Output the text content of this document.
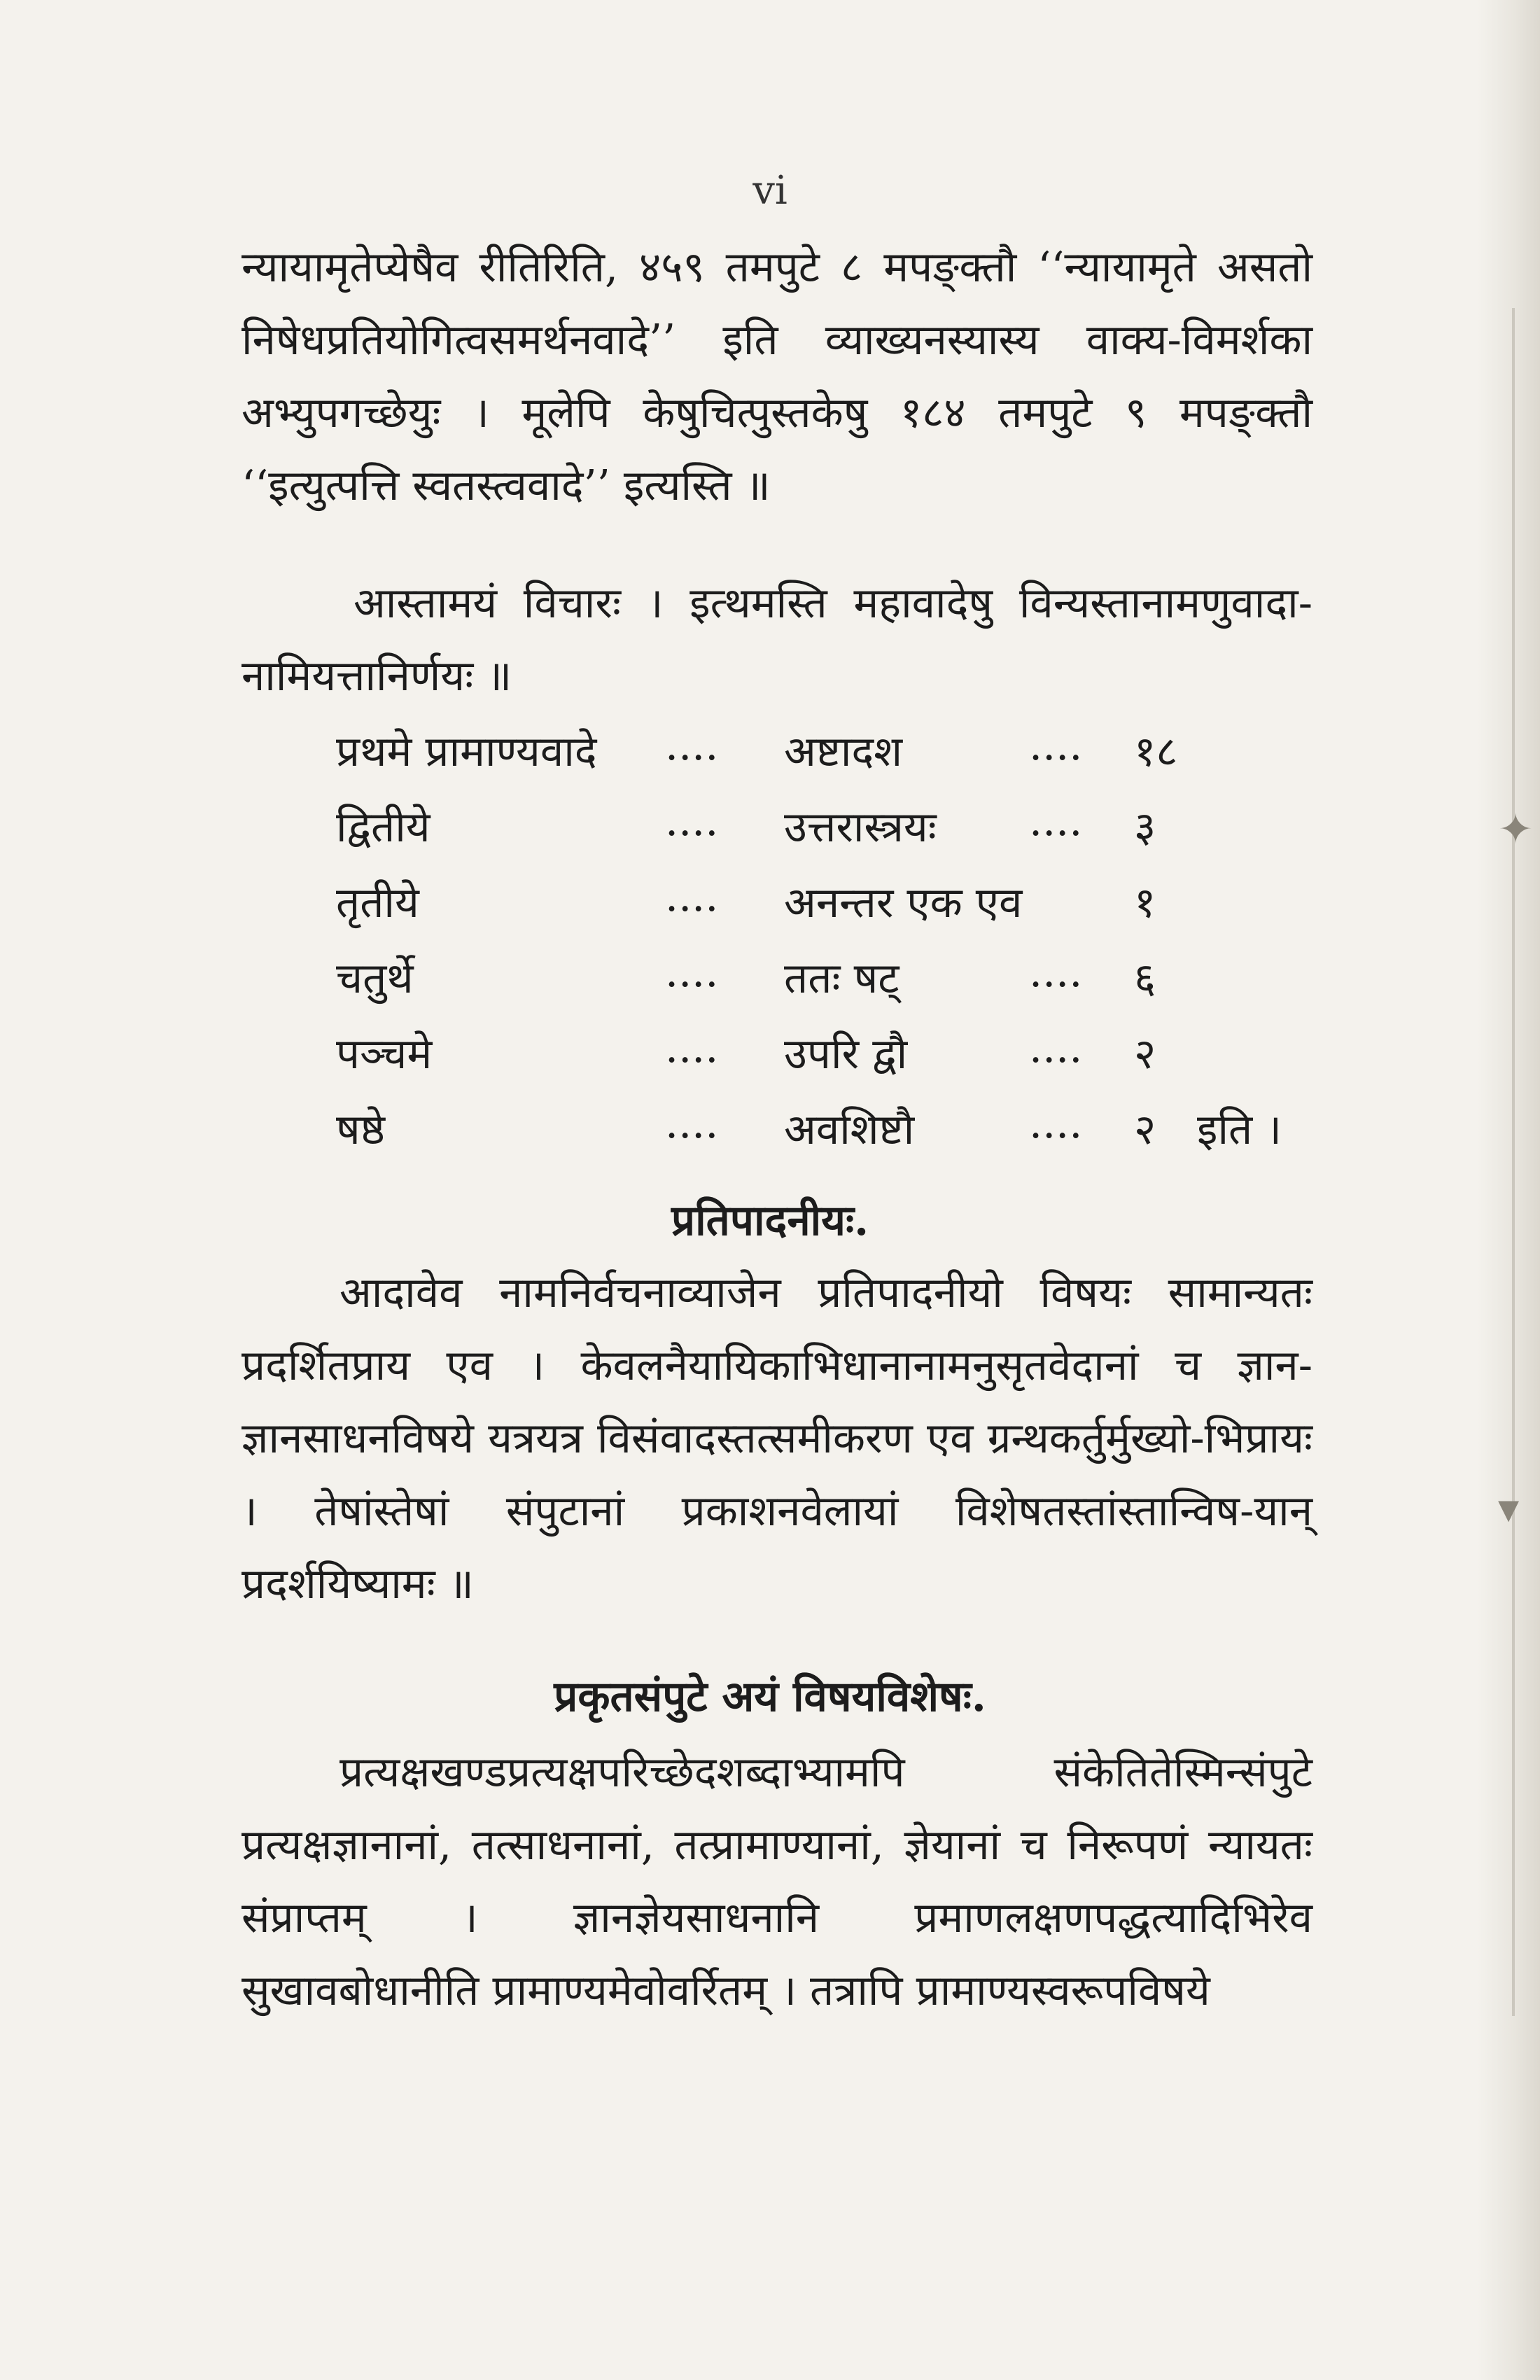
✦
▾
vi
न्यायामृतेप्येषैव रीतिरिति, ४५९ तमपुटे ८ मपङ्क्तौ ‘‘न्यायामृते असतो निषेधप्रतियोगित्वसमर्थनवादे’’ इति व्याख्यनस्यास्य वाक्य-विमर्शका अभ्युपगच्छेयुः । मूलेपि केषुचित्पुस्तकेषु १८४ तमपुटे ९ मपङ्क्तौ ‘‘इत्युत्पत्ति स्वतस्त्ववादे’’ इत्यस्ति ॥
आस्तामयं विचारः । इत्थमस्ति महावादेषु विन्यस्तानामणुवादा-नामियत्तानिर्णयः ॥
प्रथमे प्रामाण्यवादे .... अष्टादश	.... १८
द्वितीये	.... उत्तरास्त्रयः .... ३
तृतीये	.... अनन्तर एक एव	१
चतुर्थे	.... ततः षट्	.... ६
पञ्चमे	.... उपरि द्वौ	.... २
षष्ठे	.... अवशिष्टौ	.... २ इति ।
प्रतिपादनीयः.
आदावेव नामनिर्वचनाव्याजेन प्रतिपादनीयो विषयः सामान्यतः प्रदर्शितप्राय एव । केवलनैयायिकाभिधानानामनुसृतवेदानां च ज्ञान-ज्ञानसाधनविषये यत्रयत्र विसंवादस्तत्समीकरण एव ग्रन्थकर्तुर्मुख्यो-भिप्रायः । तेषांस्तेषां संपुटानां प्रकाशनवेलायां विशेषतस्तांस्तान्विष-यान् प्रदर्शयिष्यामः ॥
प्रकृतसंपुटे अयं विषयविशेषः.
प्रत्यक्षखण्डप्रत्यक्षपरिच्छेदशब्दाभ्यामपि संकेतितेस्मिन्संपुटे प्रत्यक्षज्ञानानां, तत्साधनानां, तत्प्रामाण्यानां, ज्ञेयानां च निरूपणं न्यायतः संप्राप्तम् । ज्ञानज्ञेयसाधनानि प्रमाणलक्षणपद्धत्यादिभिरेव सुखावबोधानीति प्रामाण्यमेवोवर्रितम् । तत्रापि प्रामाण्यस्वरूपविषये
